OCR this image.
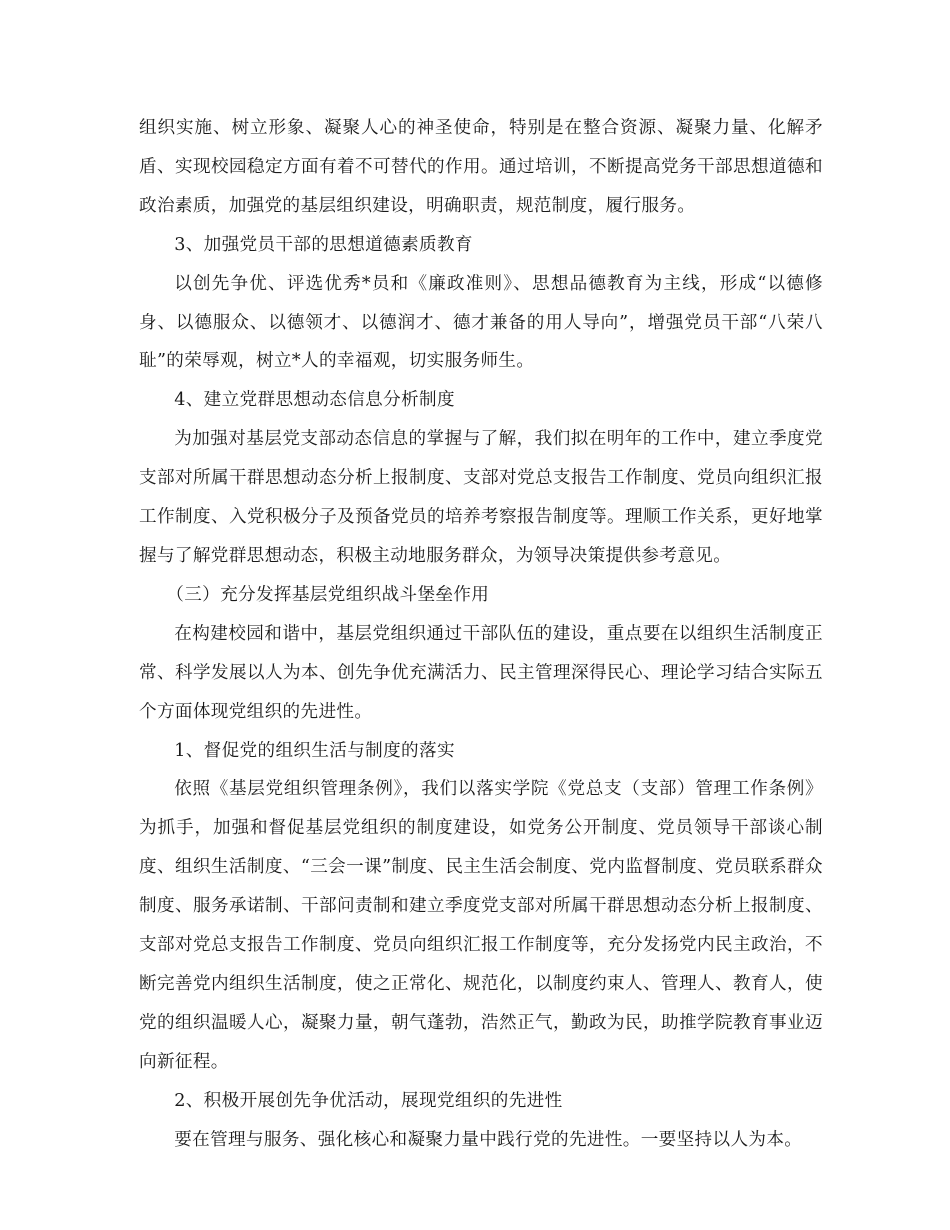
组织实施、树立形象、凝聚人心的神圣使命，特别是在整合资源、凝聚力量、化解矛盾、实现校园稳定方面有着不可替代的作用。通过培训，不断提高党务干部思想道德和政治素质，加强党的基层组织建设，明确职责，规范制度，履行服务。

3、加强党员干部的思想道德素质教育

以创先争优、评选优秀*员和《廉政准则》、思想品德教育为主线，形成“以德修身、以德服众、以德领才、以德润才、德才兼备的用人导向”，增强党员干部“八荣八耻”的荣辱观，树立*人的幸福观，切实服务师生。

4、建立党群思想动态信息分析制度

为加强对基层党支部动态信息的掌握与了解，我们拟在明年的工作中，建立季度党支部对所属干群思想动态分析上报制度、支部对党总支报告工作制度、党员向组织汇报工作制度、入党积极分子及预备党员的培养考察报告制度等。理顺工作关系，更好地掌握与了解党群思想动态，积极主动地服务群众，为领导决策提供参考意见。

（三）充分发挥基层党组织战斗堡垒作用

在构建校园和谐中，基层党组织通过干部队伍的建设，重点要在以组织生活制度正常、科学发展以人为本、创先争优充满活力、民主管理深得民心、理论学习结合实际五个方面体现党组织的先进性。

1、督促党的组织生活与制度的落实

依照《基层党组织管理条例》，我们以落实学院《党总支（支部）管理工作条例》为抓手，加强和督促基层党组织的制度建设，如党务公开制度、党员领导干部谈心制度、组织生活制度、“三会一课”制度、民主生活会制度、党内监督制度、党员联系群众制度、服务承诺制、干部问责制和建立季度党支部对所属干群思想动态分析上报制度、支部对党总支报告工作制度、党员向组织汇报工作制度等，充分发扬党内民主政治，不断完善党内组织生活制度，使之正常化、规范化，以制度约束人、管理人、教育人，使党的组织温暖人心，凝聚力量，朝气蓬勃，浩然正气，勤政为民，助推学院教育事业迈向新征程。

2、积极开展创先争优活动，展现党组织的先进性

要在管理与服务、强化核心和凝聚力量中践行党的先进性。一要坚持以人为本。
